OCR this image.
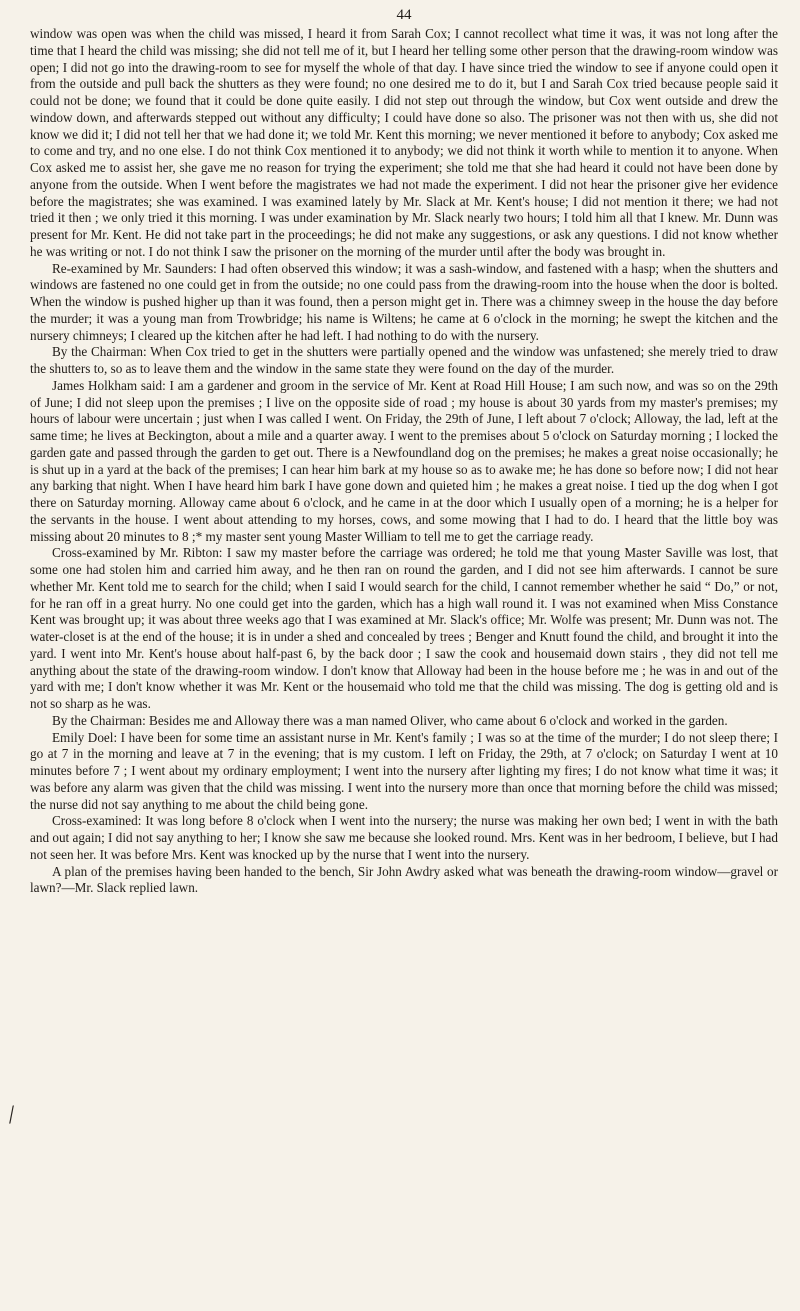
44

window was open was when the child was missed, I heard it from Sarah Cox; I cannot recollect what time it was, it was not long after the time that I heard the child was missing; she did not tell me of it, but I heard her telling some other person that the drawing-room window was open; I did not go into the drawing-room to see for myself the whole of that day. I have since tried the window to see if anyone could open it from the outside and pull back the shutters as they were found; no one desired me to do it, but I and Sarah Cox tried because people said it could not be done; we found that it could be done quite easily. I did not step out through the window, but Cox went outside and drew the window down, and afterwards stepped out without any difficulty; I could have done so also. The prisoner was not then with us, she did not know we did it; I did not tell her that we had done it; we told Mr. Kent this morning; we never mentioned it before to anybody; Cox asked me to come and try, and no one else. I do not think Cox mentioned it to anybody; we did not think it worth while to mention it to anyone. When Cox asked me to assist her, she gave me no reason for trying the experiment; she told me that she had heard it could not have been done by anyone from the outside. When I went before the magistrates we had not made the experiment. I did not hear the prisoner give her evidence before the magistrates; she was examined. I was examined lately by Mr. Slack at Mr. Kent's house; I did not mention it there; we had not tried it then ; we only tried it this morning. I was under examination by Mr. Slack nearly two hours; I told him all that I knew. Mr. Dunn was present for Mr. Kent. He did not take part in the proceedings; he did not make any suggestions, or ask any questions. I did not know whether he was writing or not. I do not think I saw the prisoner on the morning of the murder until after the body was brought in.

Re-examined by Mr. Saunders: I had often observed this window; it was a sash-window, and fastened with a hasp; when the shutters and windows are fastened no one could get in from the outside; no one could pass from the drawing-room into the house when the door is bolted. When the window is pushed higher up than it was found, then a person might get in. There was a chimney sweep in the house the day before the murder; it was a young man from Trowbridge; his name is Wiltens; he came at 6 o'clock in the morning; he swept the kitchen and the nursery chimneys; I cleared up the kitchen after he had left. I had nothing to do with the nursery.

By the Chairman: When Cox tried to get in the shutters were partially opened and the window was unfastened; she merely tried to draw the shutters to, so as to leave them and the window in the same state they were found on the day of the murder.

James Holkham said: I am a gardener and groom in the service of Mr. Kent at Road Hill House; I am such now, and was so on the 29th of June; I did not sleep upon the premises ; I live on the opposite side of road ; my house is about 30 yards from my master's premises; my hours of labour were uncertain ; just when I was called I went. On Friday, the 29th of June, I left about 7 o'clock; Alloway, the lad, left at the same time; he lives at Beckington, about a mile and a quarter away. I went to the premises about 5 o'clock on Saturday morning ; I locked the garden gate and passed through the garden to get out. There is a Newfoundland dog on the premises; he makes a great noise occasionally; he is shut up in a yard at the back of the premises; I can hear him bark at my house so as to awake me; he has done so before now; I did not hear any barking that night. When I have heard him bark I have gone down and quieted him ; he makes a great noise. I tied up the dog when I got there on Saturday morning. Alloway came about 6 o'clock, and he came in at the door which I usually open of a morning; he is a helper for the servants in the house. I went about attending to my horses, cows, and some mowing that I had to do. I heard that the little boy was missing about 20 minutes to 8 ;* my master sent young Master William to tell me to get the carriage ready.

Cross-examined by Mr. Ribton: I saw my master before the carriage was ordered; he told me that young Master Saville was lost, that some one had stolen him and carried him away, and he then ran on round the garden, and I did not see him afterwards. I cannot be sure whether Mr. Kent told me to search for the child; when I said I would search for the child, I cannot remember whether he said “ Do,” or not, for he ran off in a great hurry. No one could get into the garden, which has a high wall round it. I was not examined when Miss Constance Kent was brought up; it was about three weeks ago that I was examined at Mr. Slack's office; Mr. Wolfe was present; Mr. Dunn was not. The water-closet is at the end of the house; it is in under a shed and concealed by trees ; Benger and Knutt found the child, and brought it into the yard. I went into Mr. Kent's house about half-past 6, by the back door ; I saw the cook and housemaid down stairs , they did not tell me anything about the state of the drawing-room window. I don't know that Alloway had been in the house before me ; he was in and out of the yard with me; I don't know whether it was Mr. Kent or the housemaid who told me that the child was missing. The dog is getting old and is not so sharp as he was.

By the Chairman: Besides me and Alloway there was a man named Oliver, who came about 6 o'clock and worked in the garden.

Emily Doel: I have been for some time an assistant nurse in Mr. Kent's family ; I was so at the time of the murder; I do not sleep there; I go at 7 in the morning and leave at 7 in the evening; that is my custom. I left on Friday, the 29th, at 7 o'clock; on Saturday I went at 10 minutes before 7 ; I went about my ordinary employment; I went into the nursery after lighting my fires; I do not know what time it was; it was before any alarm was given that the child was missing. I went into the nursery more than once that morning before the child was missed; the nurse did not say anything to me about the child being gone.

Cross-examined: It was long before 8 o'clock when I went into the nursery; the nurse was making her own bed; I went in with the bath and out again; I did not say anything to her; I know she saw me because she looked round. Mrs. Kent was in her bedroom, I believe, but I had not seen her. It was before Mrs. Kent was knocked up by the nurse that I went into the nursery.

A plan of the premises having been handed to the bench, Sir John Awdry asked what was beneath the drawing-room window—gravel or lawn?—Mr. Slack replied lawn.

/
